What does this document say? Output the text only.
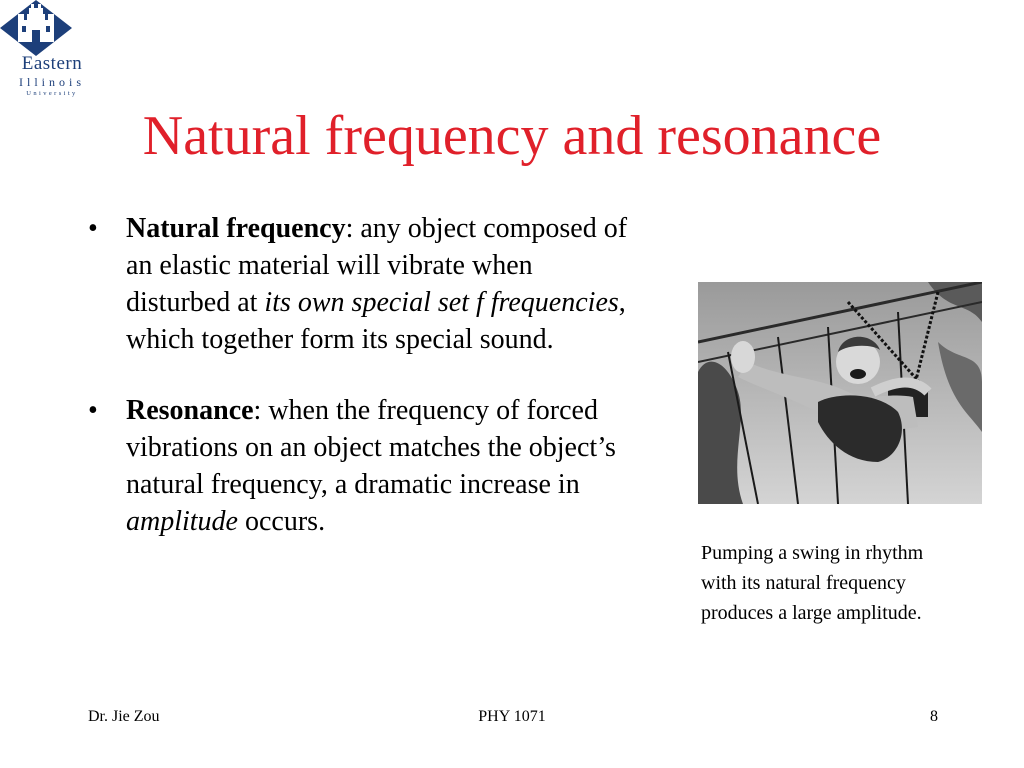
Eastern
Illinois
University
Natural frequency and resonance
• Natural frequency: any object composed of an elastic material will vibrate when disturbed at its own special set f frequencies, which together form its special sound.
• Resonance: when the frequency of forced vibrations on an object matches the object’s natural frequency, a dramatic increase in amplitude occurs.
Pumping a swing in rhythm
with its natural frequency
produces a large amplitude.
Dr. Jie Zou	PHY 1071	8
